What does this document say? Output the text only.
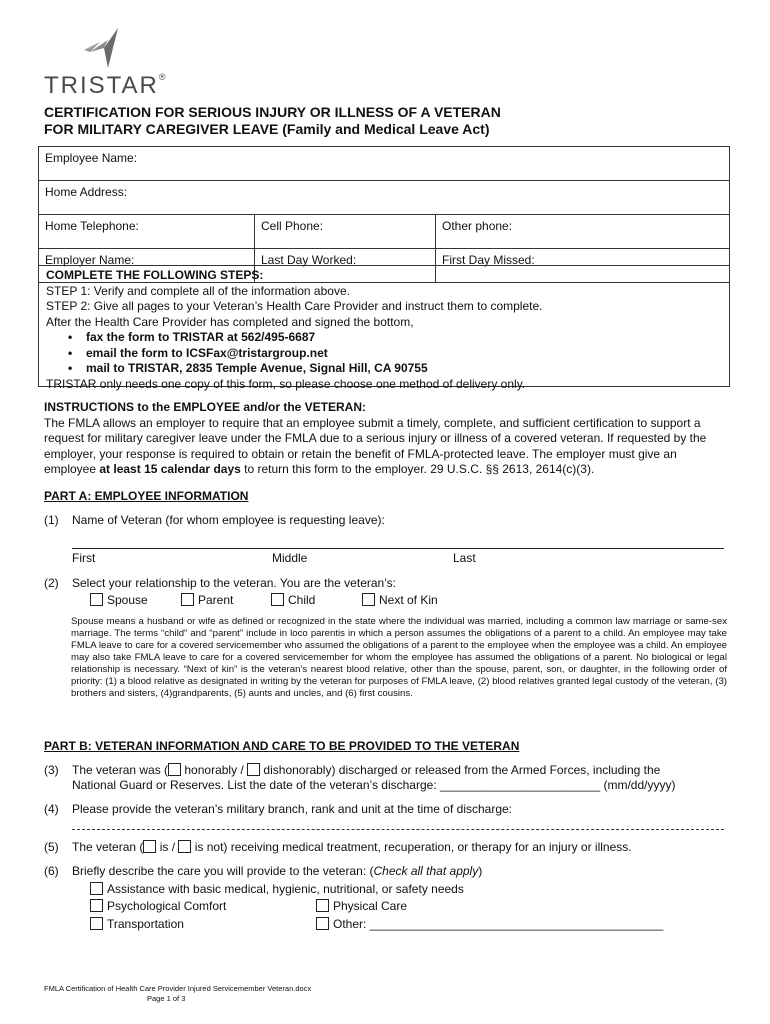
TRISTAR®
CERTIFICATION FOR SERIOUS INJURY OR ILLNESS OF A VETERAN
FOR MILITARY CAREGIVER LEAVE (Family and Medical Leave Act)
Employee Name:		
Home Address:		
Home Telephone:	Cell Phone:	Other phone:
Employer Name:	Last Day Worked:	First Day Missed:
COMPLETE THE FOLLOWING STEPS:
STEP 1: Verify and complete all of the information above.
STEP 2: Give all pages to your Veteran’s Health Care Provider and instruct them to complete.
After the Health Care Provider has completed and signed the bottom,
• fax the form to TRISTAR at 562/495-6687
• email the form to ICSFax@tristargroup.net
• mail to TRISTAR, 2835 Temple Avenue, Signal Hill, CA 90755
TRISTAR only needs one copy of this form, so please choose one method of delivery only.
INSTRUCTIONS to the EMPLOYEE and/or the VETERAN:
The FMLA allows an employer to require that an employee submit a timely, complete, and sufficient certification to support a request for military caregiver leave under the FMLA due to a serious injury or illness of a covered veteran. If requested by the employer, your response is required to obtain or retain the benefit of FMLA-protected leave. The employer must give an employee at least 15 calendar days to return this form to the employer. 29 U.S.C. §§ 2613, 2614(c)(3).
PART A: EMPLOYEE INFORMATION
(1) Name of Veteran (for whom employee is requesting leave):
First	Middle	Last
(2) Select your relationship to the veteran. You are the veteran’s:
Spouse	Parent	Child	Next of Kin
Spouse means a husband or wife as defined or recognized in the state where the individual was married, including a common law marriage or same-sex marriage. The terms “child” and “parent” include in loco parentis in which a person assumes the obligations of a parent to a child. An employee may take FMLA leave to care for a covered servicemember who assumed the obligations of a parent to the employee when the employee was a child. An employee may also take FMLA leave to care for a covered servicemember for whom the employee has assumed the obligations of a parent. No biological or legal relationship is necessary. “Next of kin” is the veteran’s nearest blood relative, other than the spouse, parent, son, or daughter, in the following order of priority: (1) a blood relative as designated in writing by the veteran for purposes of FMLA leave, (2) blood relatives granted legal custody of the veteran, (3) brothers and sisters, (4)grandparents, (5) aunts and uncles, and (6) first cousins.
PART B: VETERAN INFORMATION AND CARE TO BE PROVIDED TO THE VETERAN
(3) The veteran was ( honorably /  dishonorably) discharged or released from the Armed Forces, including the
National Guard or Reserves. List the date of the veteran’s discharge: ________________________ (mm/dd/yyyy)
(4) Please provide the veteran’s military branch, rank and unit at the time of discharge:
(5) The veteran ( is /  is not) receiving medical treatment, recuperation, or therapy for an injury or illness.
(6) Briefly describe the care you will provide to the veteran: (Check all that apply)
Assistance with basic medical, hygienic, nutritional, or safety needs
Psychological Comfort	Physical Care
Transportation	Other: ____________________________________________
FMLA Certification of Health Care Provider Injured Servicemember Veteran.docx
Page 1 of 3
